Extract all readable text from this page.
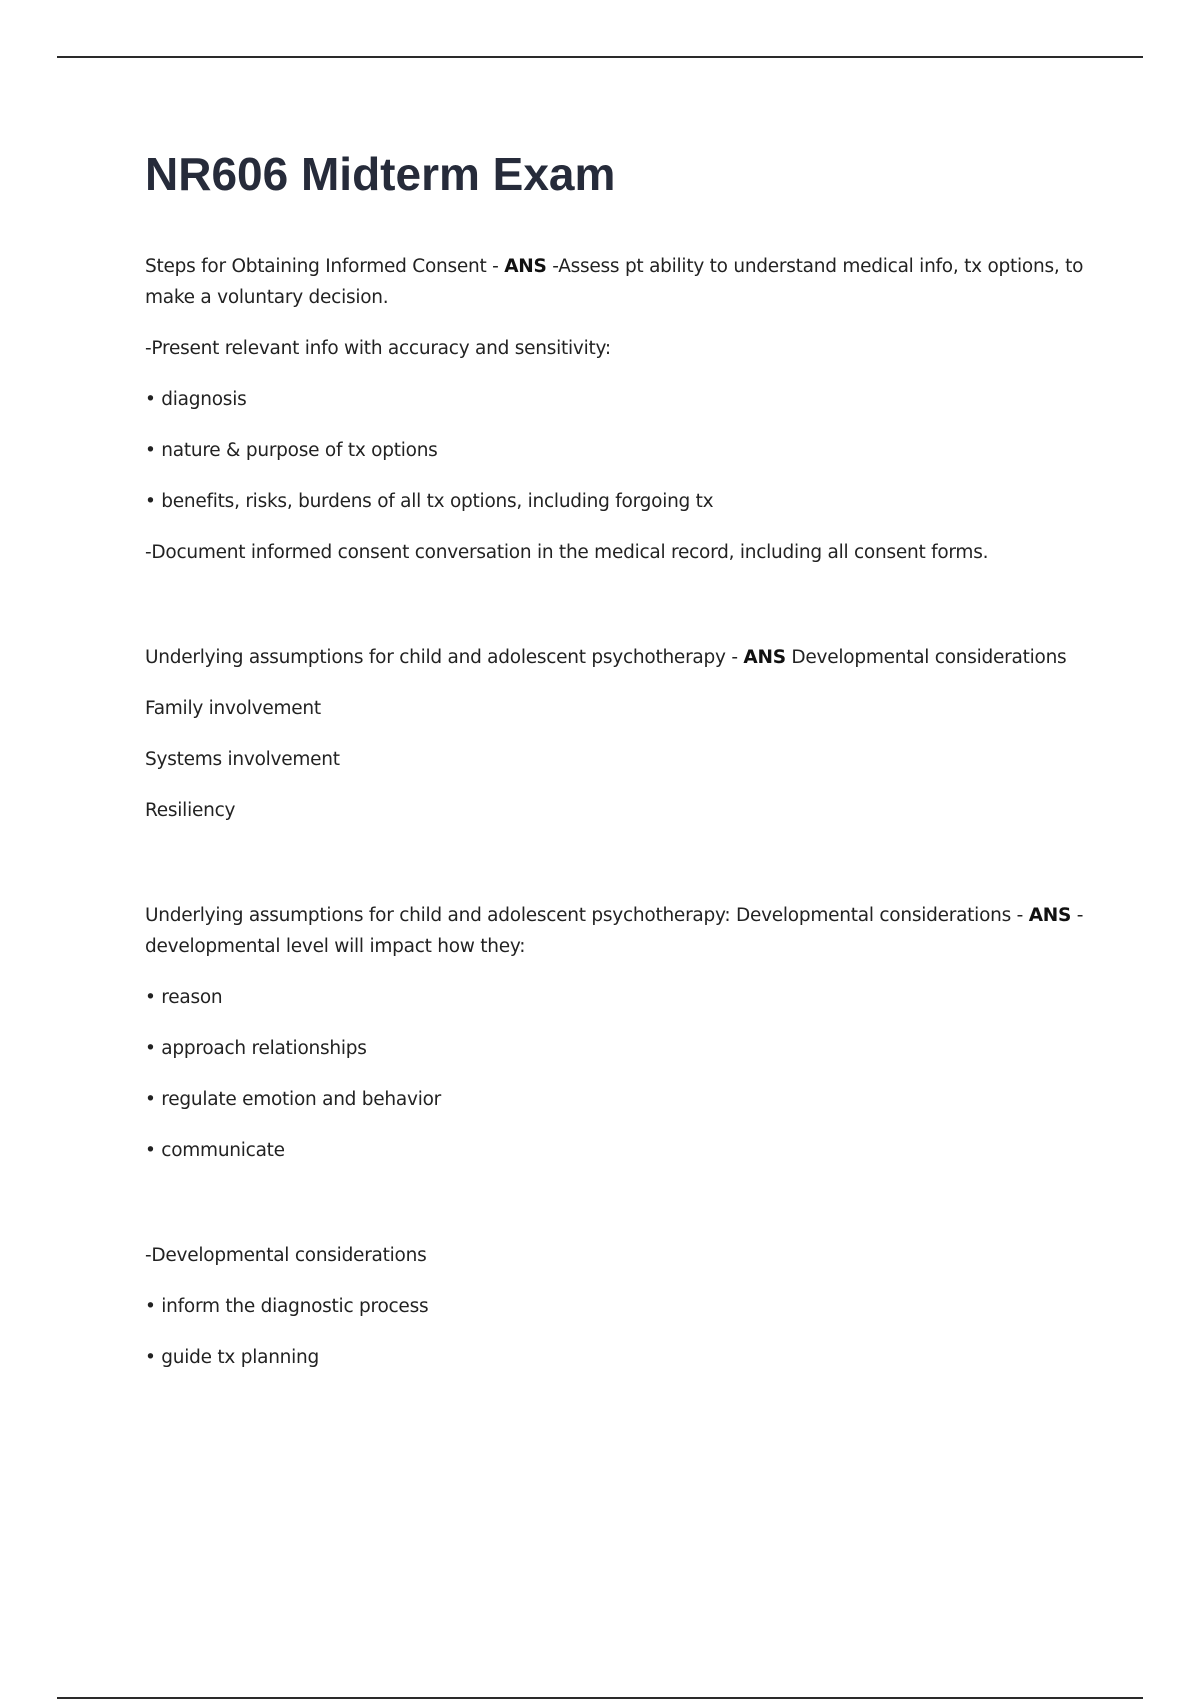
NR606 Midterm Exam

Steps for Obtaining Informed Consent - ANS -Assess pt ability to understand medical info, tx options, to make a voluntary decision.

-Present relevant info with accuracy and sensitivity:

• diagnosis

• nature & purpose of tx options

• benefits, risks, burdens of all tx options, including forgoing tx

-Document informed consent conversation in the medical record, including all consent forms.

Underlying assumptions for child and adolescent psychotherapy - ANS Developmental considerations

Family involvement

Systems involvement

Resiliency

Underlying assumptions for child and adolescent psychotherapy: Developmental considerations - ANS -developmental level will impact how they:

• reason

• approach relationships

• regulate emotion and behavior

• communicate

-Developmental considerations

• inform the diagnostic process

• guide tx planning
